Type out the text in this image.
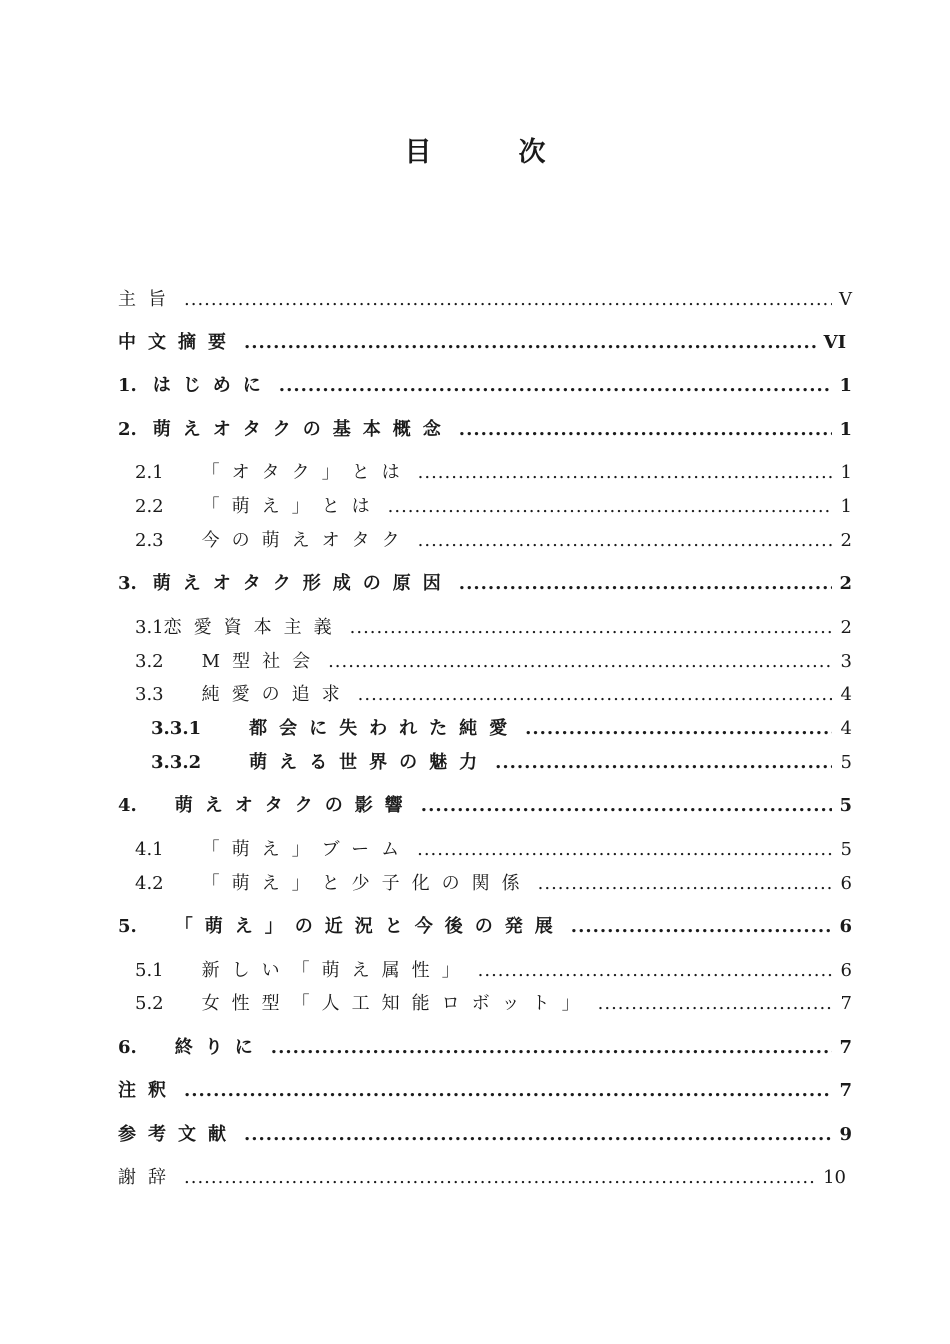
目　次
主旨 .....	V
中文摘要 .....	VI
1. はじめに .....	1
2. 萌えオタクの基本概念 .....	1
2.1 「オタク」とは .....	1
2.2 「萌え」とは .....	1
2.3 今の萌えオタク .....	2
3. 萌えオタク形成の原因 .....	2
3.1 恋愛資本主義 .....	2
3.2 M型社会 .....	3
3.3 純愛の追求 .....	4
3.3.1	都会に失われた純愛 .....	4
3.3.2	萌える世界の魅力 .....	5
4. 萌えオタクの影響 .....	5
4.1 「萌え」ブーム .....	5
4.2 「萌え」と少子化の関係 .....	6
5. 「萌え」の近況と今後の発展 .....	6
5.1 新しい「萌え属性」 .....	6
5.2 女性型「人工知能ロボット」 .....	7
6. 終りに .....	7
注釈 .....	7
参考文献 .....	9
謝辞 .....	10
